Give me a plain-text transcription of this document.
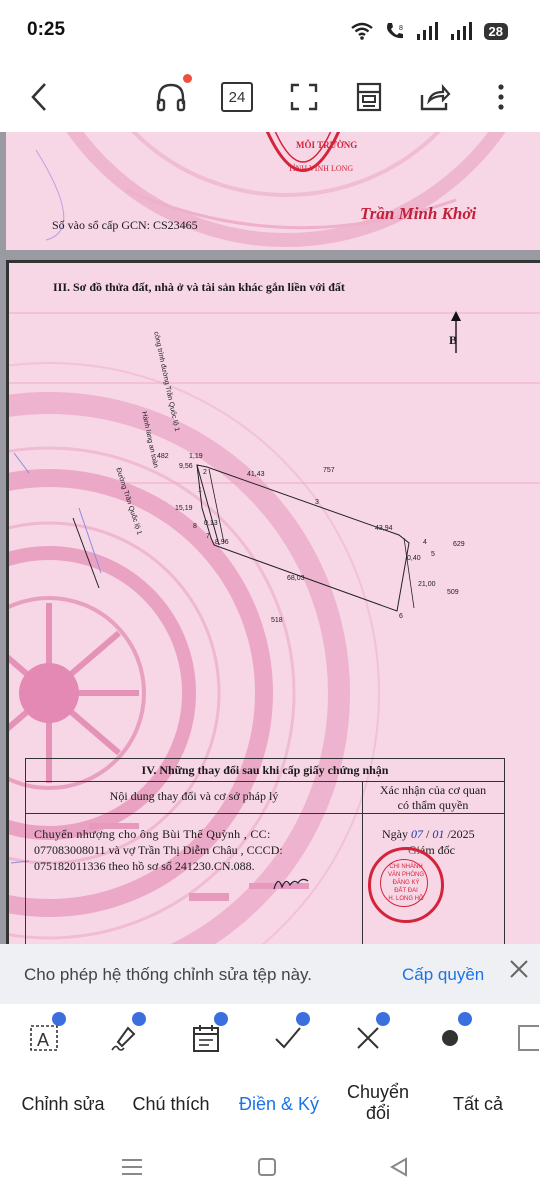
0:25	8	28
24
MÔI TRƯỜNG
TỈNH VĨNH LONG
Số vào sổ cấp GCN: CS23465
Trần Minh Khởi
III. Sơ đồ thửa đất, nhà ở và tài sản khác gắn liền với đất
B
Hành lang an toàn
công trình đường Trần Quốc lộ 1
Đường Trần Quốc lộ 1
482
757
629
509
518
1
2
3
4
5
6
7
8
1,19
9,56
41,43
15,19
43,94
0,13
8,96
0,40
68,03
21,00
IV. Những thay đổi sau khi cấp giấy chứng nhận
Nội dung thay đổi và cơ sở pháp lý	Xác nhận của cơ quan
có thẩm quyền
Chuyển nhượng cho ông Bùi Thế Quỳnh , CC:
077083008011 và vợ Trần Thị Diễm Châu , CCCD:
075182011336 theo hồ sơ số 241230.CN.088.
Ngày 07 / 01 /2025
Giám đốc
CHI NHÁNH
VĂN PHÒNG
ĐĂNG KÝ
ĐẤT ĐAI
H. LONG HỒ
Cho phép hệ thống chỉnh sửa tệp này.	Cấp quyền
A
Chỉnh sửa	Chú thích	Điền & Ký
Chuyển
đổi	Tất cả
